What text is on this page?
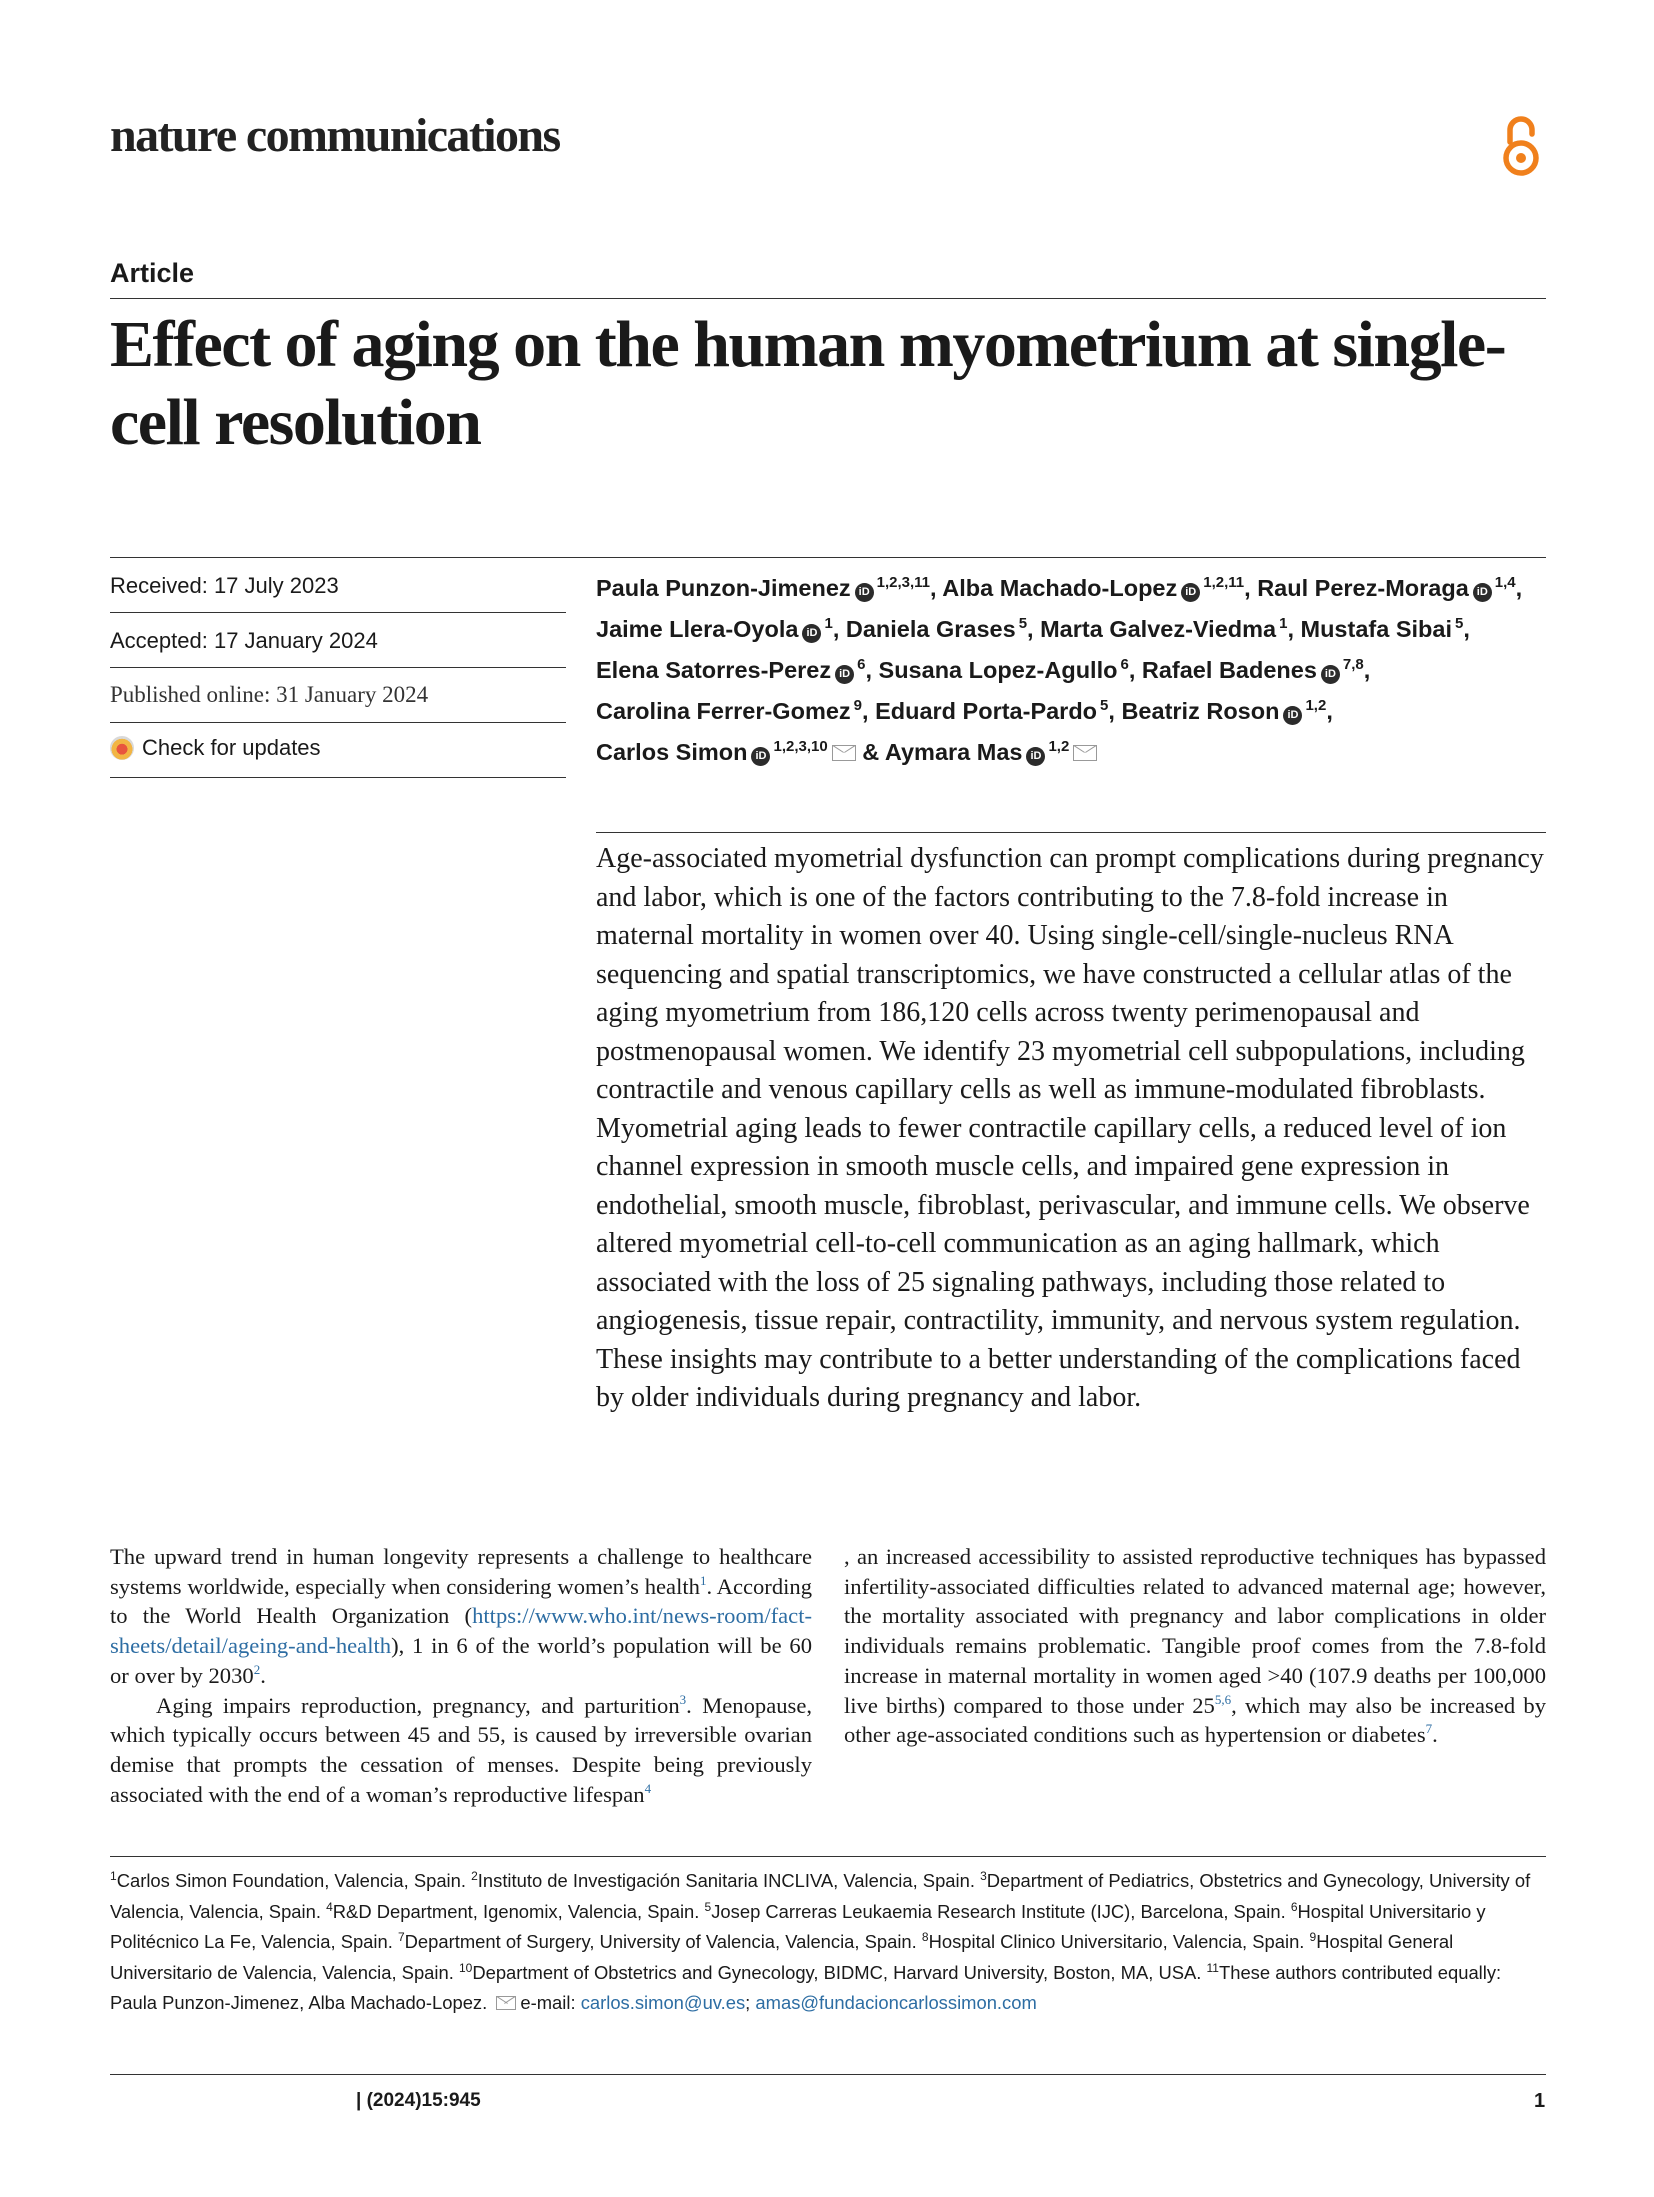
nature communications
Article
Effect of aging on the human myometrium at single-cell resolution
Received: 17 July 2023
Accepted: 17 January 2024
Published online: 31 January 2024
Check for updates
Paula Punzon-Jimenez iD$^{1,2,3,11}$, Alba Machado-Lopez iD$^{1,2,11}$, Raul Perez-Moraga iD$^{1,4}$, Jaime Llera-Oyola iD$^1$, Daniela Grases $^5$, Marta Galvez-Viedma $^1$, Mustafa Sibai $^5$, Elena Satorres-Perez iD$^6$, Susana Lopez-Agullo $^6$, Rafael Badenes iD$^{7,8}$, Carolina Ferrer-Gomez $^9$, Eduard Porta-Pardo $^5$, Beatriz Roson iD$^{1,2}$, Carlos Simon iD$^{1,2,3,10}$ & Aymara Mas iD$^{1,2}$

Age-associated myometrial dysfunction can prompt complications during pregnancy and labor, which is one of the factors contributing to the 7.8-fold increase in maternal mortality in women over 40. Using single-cell/single-nucleus RNA sequencing and spatial transcriptomics, we have constructed a cellular atlas of the aging myometrium from 186,120 cells across twenty perimenopausal and postmenopausal women. We identify 23 myometrial cell subpopulations, including contractile and venous capillary cells as well as immune-modulated fibroblasts. Myometrial aging leads to fewer contractile capillary cells, a reduced level of ion channel expression in smooth muscle cells, and impaired gene expression in endothelial, smooth muscle, fibroblast, perivascular, and immune cells. We observe altered myometrial cell-to-cell communication as an aging hallmark, which associated with the loss of 25 signaling pathways, including those related to angiogenesis, tissue repair, contractility, immunity, and nervous system regulation. These insights may contribute to a better understanding of the complications faced by older individuals during pregnancy and labor.

The upward trend in human longevity represents a challenge to healthcare systems worldwide, especially when considering women’s health$^1$. According to the World Health Organization (https://www.who.int/news-room/fact-sheets/detail/ageing-and-health), 1 in 6 of the world’s population will be 60 or over by 2030$^2$.

Aging impairs reproduction, pregnancy, and parturition$^3$. Menopause, which typically occurs between 45 and 55, is caused by irreversible ovarian demise that prompts the cessation of menses. Despite being previously associated with the end of a woman’s reproductive lifespan$^4$

, an increased accessibility to assisted reproductive techniques has bypassed infertility-associated difficulties related to advanced maternal age; however, the mortality associated with pregnancy and labor complications in older individuals remains problematic. Tangible proof comes from the 7.8-fold increase in maternal mortality in women aged >40 (107.9 deaths per 100,000 live births) compared to those under 25$^{5,6}$, which may also be increased by other age-associated conditions such as hypertension or diabetes$^7$.

$^1$Carlos Simon Foundation, Valencia, Spain. $^2$Instituto de Investigación Sanitaria INCLIVA, Valencia, Spain. $^3$Department of Pediatrics, Obstetrics and Gynecology, University of Valencia, Valencia, Spain. $^4$R&D Department, Igenomix, Valencia, Spain. $^5$Josep Carreras Leukaemia Research Institute (IJC), Barcelona, Spain. $^6$Hospital Universitario y Politécnico La Fe, Valencia, Spain. $^7$Department of Surgery, University of Valencia, Valencia, Spain. $^8$Hospital Clinico Universitario, Valencia, Spain. $^9$Hospital General Universitario de Valencia, Valencia, Spain. $^{10}$Department of Obstetrics and Gynecology, BIDMC, Harvard University, Boston, MA, USA. $^{11}$These authors contributed equally: Paula Punzon-Jimenez, Alba Machado-Lopez. e-mail: carlos.simon@uv.es; amas@fundacioncarlossimon.com

| (2024)15:945	1
